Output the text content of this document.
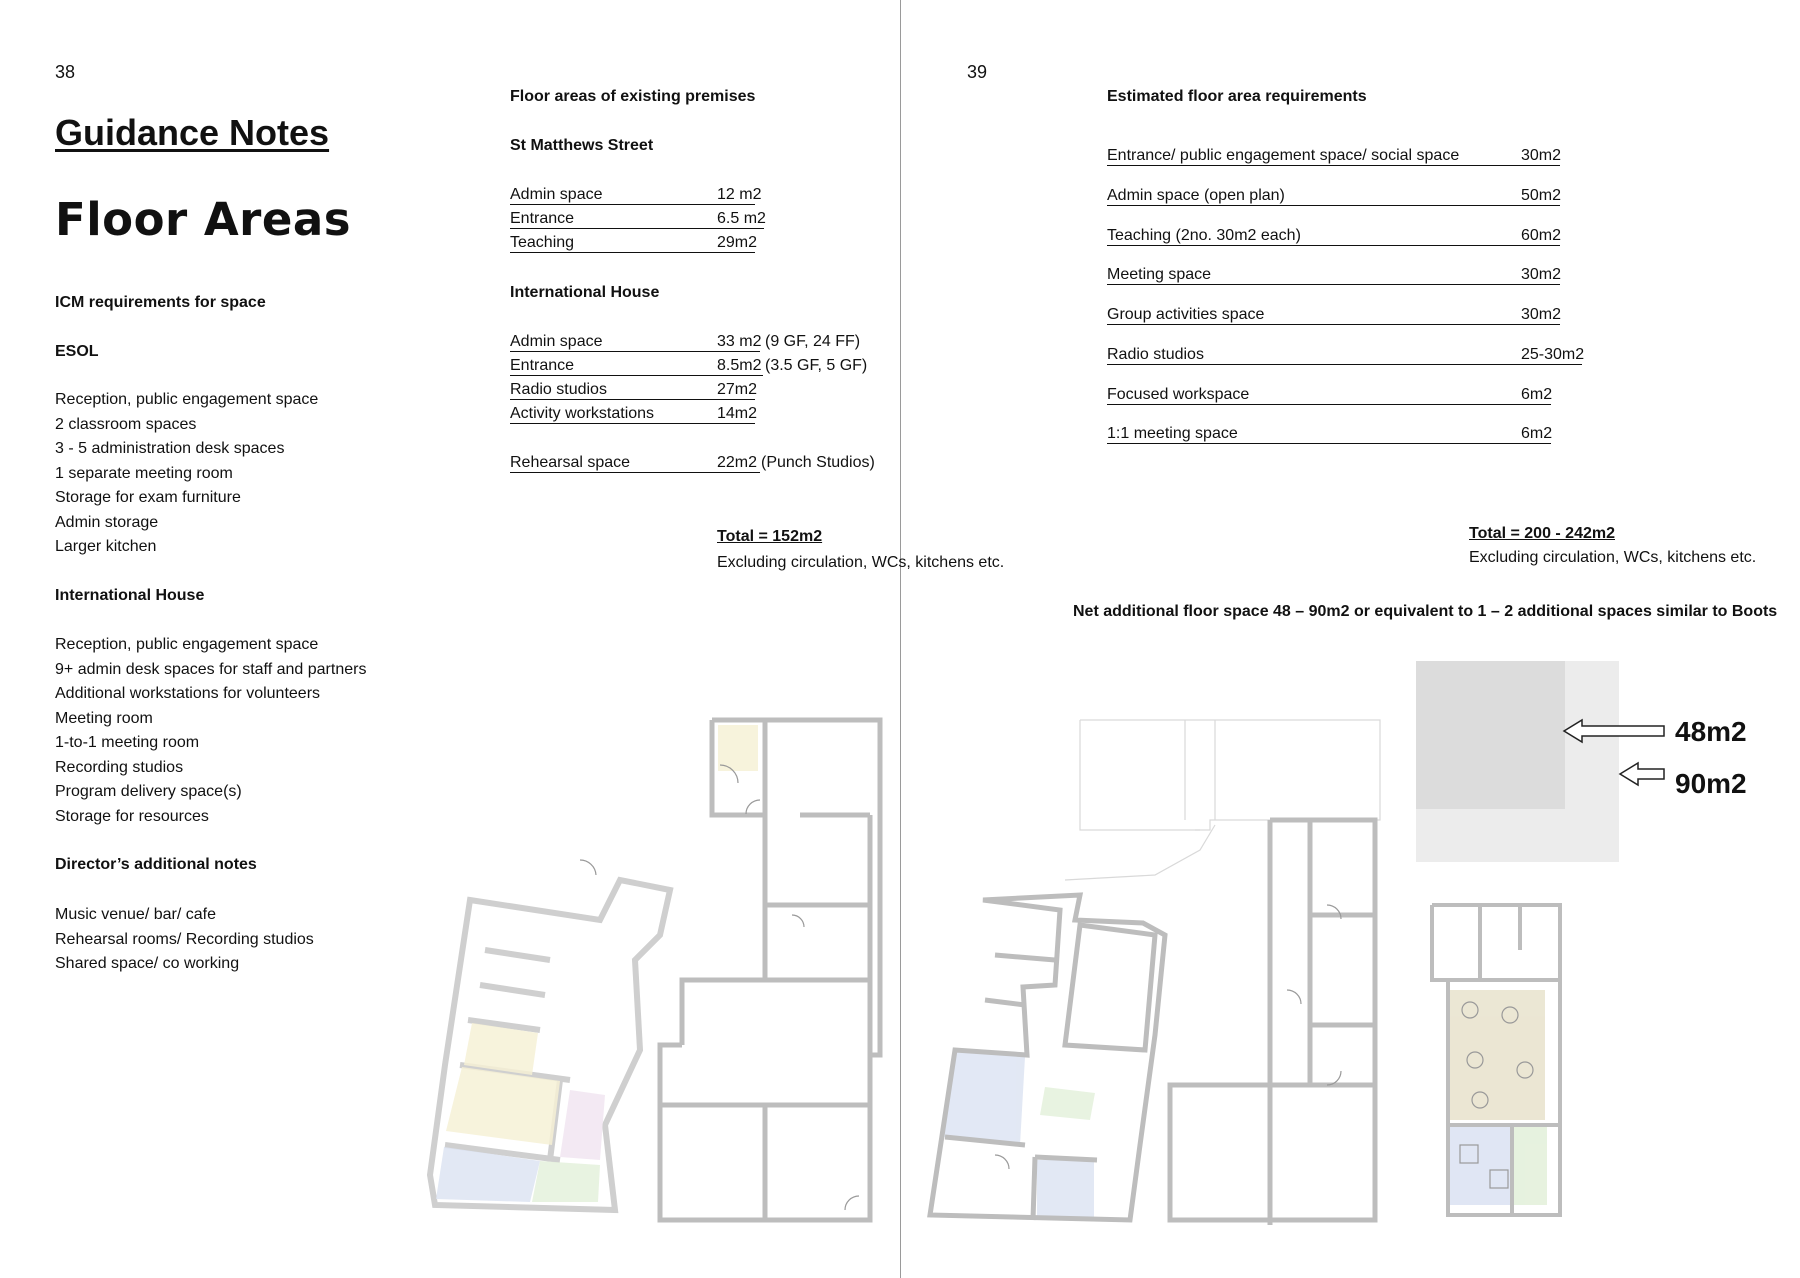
38
Guidance Notes
Floor Areas
ICM requirements for space
ESOL
Reception, public engagement space
2 classroom spaces
3 - 5 administration desk spaces
1 separate meeting room
Storage for exam furniture
Admin storage
Larger kitchen
International House
Reception, public engagement space
9+ admin desk spaces for staff and partners
Additional workstations for volunteers
Meeting room
1-to-1 meeting room
Recording studios
Program delivery space(s)
Storage for resources
Director’s additional notes
Music venue/ bar/ cafe
Rehearsal rooms/ Recording studios
Shared space/ co working
Floor areas of existing premises
St Matthews Street
Admin space	12 m2
Entrance	6.5 m2
Teaching	29m2
International House
Admin space	33 m2 (9 GF, 24 FF)
Entrance	8.5m2 (3.5 GF, 5 GF)
Radio studios	27m2
Activity workstations	14m2
Rehearsal space	22m2 (Punch Studios)
Total = 152m2
Excluding circulation, WCs, kitchens etc.
39
Estimated floor area requirements
Entrance/ public engagement space/ social space	30m2
Admin space (open plan)	50m2
Teaching (2no. 30m2 each)	60m2
Meeting space	30m2
Group activities space	30m2
Radio studios	25-30m2
Focused workspace	6m2
1:1 meeting space	6m2
Total = 200 - 242m2
Excluding circulation, WCs, kitchens etc.
Net additional floor space 48 – 90m2 or equivalent to 1 – 2 additional spaces similar to Boots
48m2
90m2
